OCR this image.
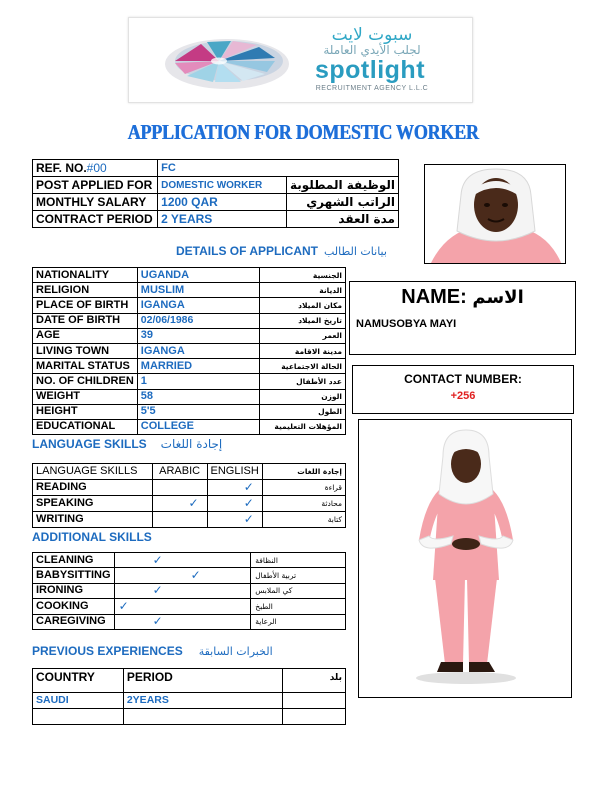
سبوت لايت
لجلب الأيدي العاملة
spotlight
RECRUITMENT AGENCY L.L.C
APPLICATION FOR DOMESTIC WORKER
REF. NO.#00	FC	
POST APPLIED FOR	DOMESTIC WORKER	الوظيفة المطلوبة
MONTHLY SALARY	1200 QAR	الراتب الشهري
CONTRACT PERIOD	2 YEARS	مدة العقد
DETAILS OF APPLICANT بيانات الطالب
NATIONALITY	UGANDA	الجنسية
RELIGION	MUSLIM	الديانة
PLACE OF BIRTH	IGANGA	مكان الميلاد
DATE OF BIRTH	02/06/1986	تاريخ الميلاد
AGE	39	العمر
LIVING TOWN	IGANGA	مدينة الاقامة
MARITAL STATUS	MARRIED	الحالة الاجتماعية
NO. OF CHILDREN	1	عدد الأطفال
WEIGHT	58	الوزن
HEIGHT	5'5	الطول
EDUCATIONAL	COLLEGE	المؤهلات التعليمية
NAME: الاسم
NAMUSOBYA MAYI
CONTACT NUMBER:
+256
LANGUAGE SKILLS إجادة اللغات
LANGUAGE SKILLS	ARABIC	ENGLISH	إجادة اللغات
READING		✓	قراءة
SPEAKING	✓	✓	محادثة
WRITING		✓	كتابة
ADDITIONAL SKILLS
CLEANING	✓	النظافة
BABYSITTING	✓	تربية الأطفال
IRONING	✓	كي الملابس
COOKING	✓	الطبخ
CAREGIVING	✓	الرعاية
PREVIOUS EXPERIENCES الخبرات السابقة
COUNTRY	PERIOD	بلد
SAUDI	2YEARS	
